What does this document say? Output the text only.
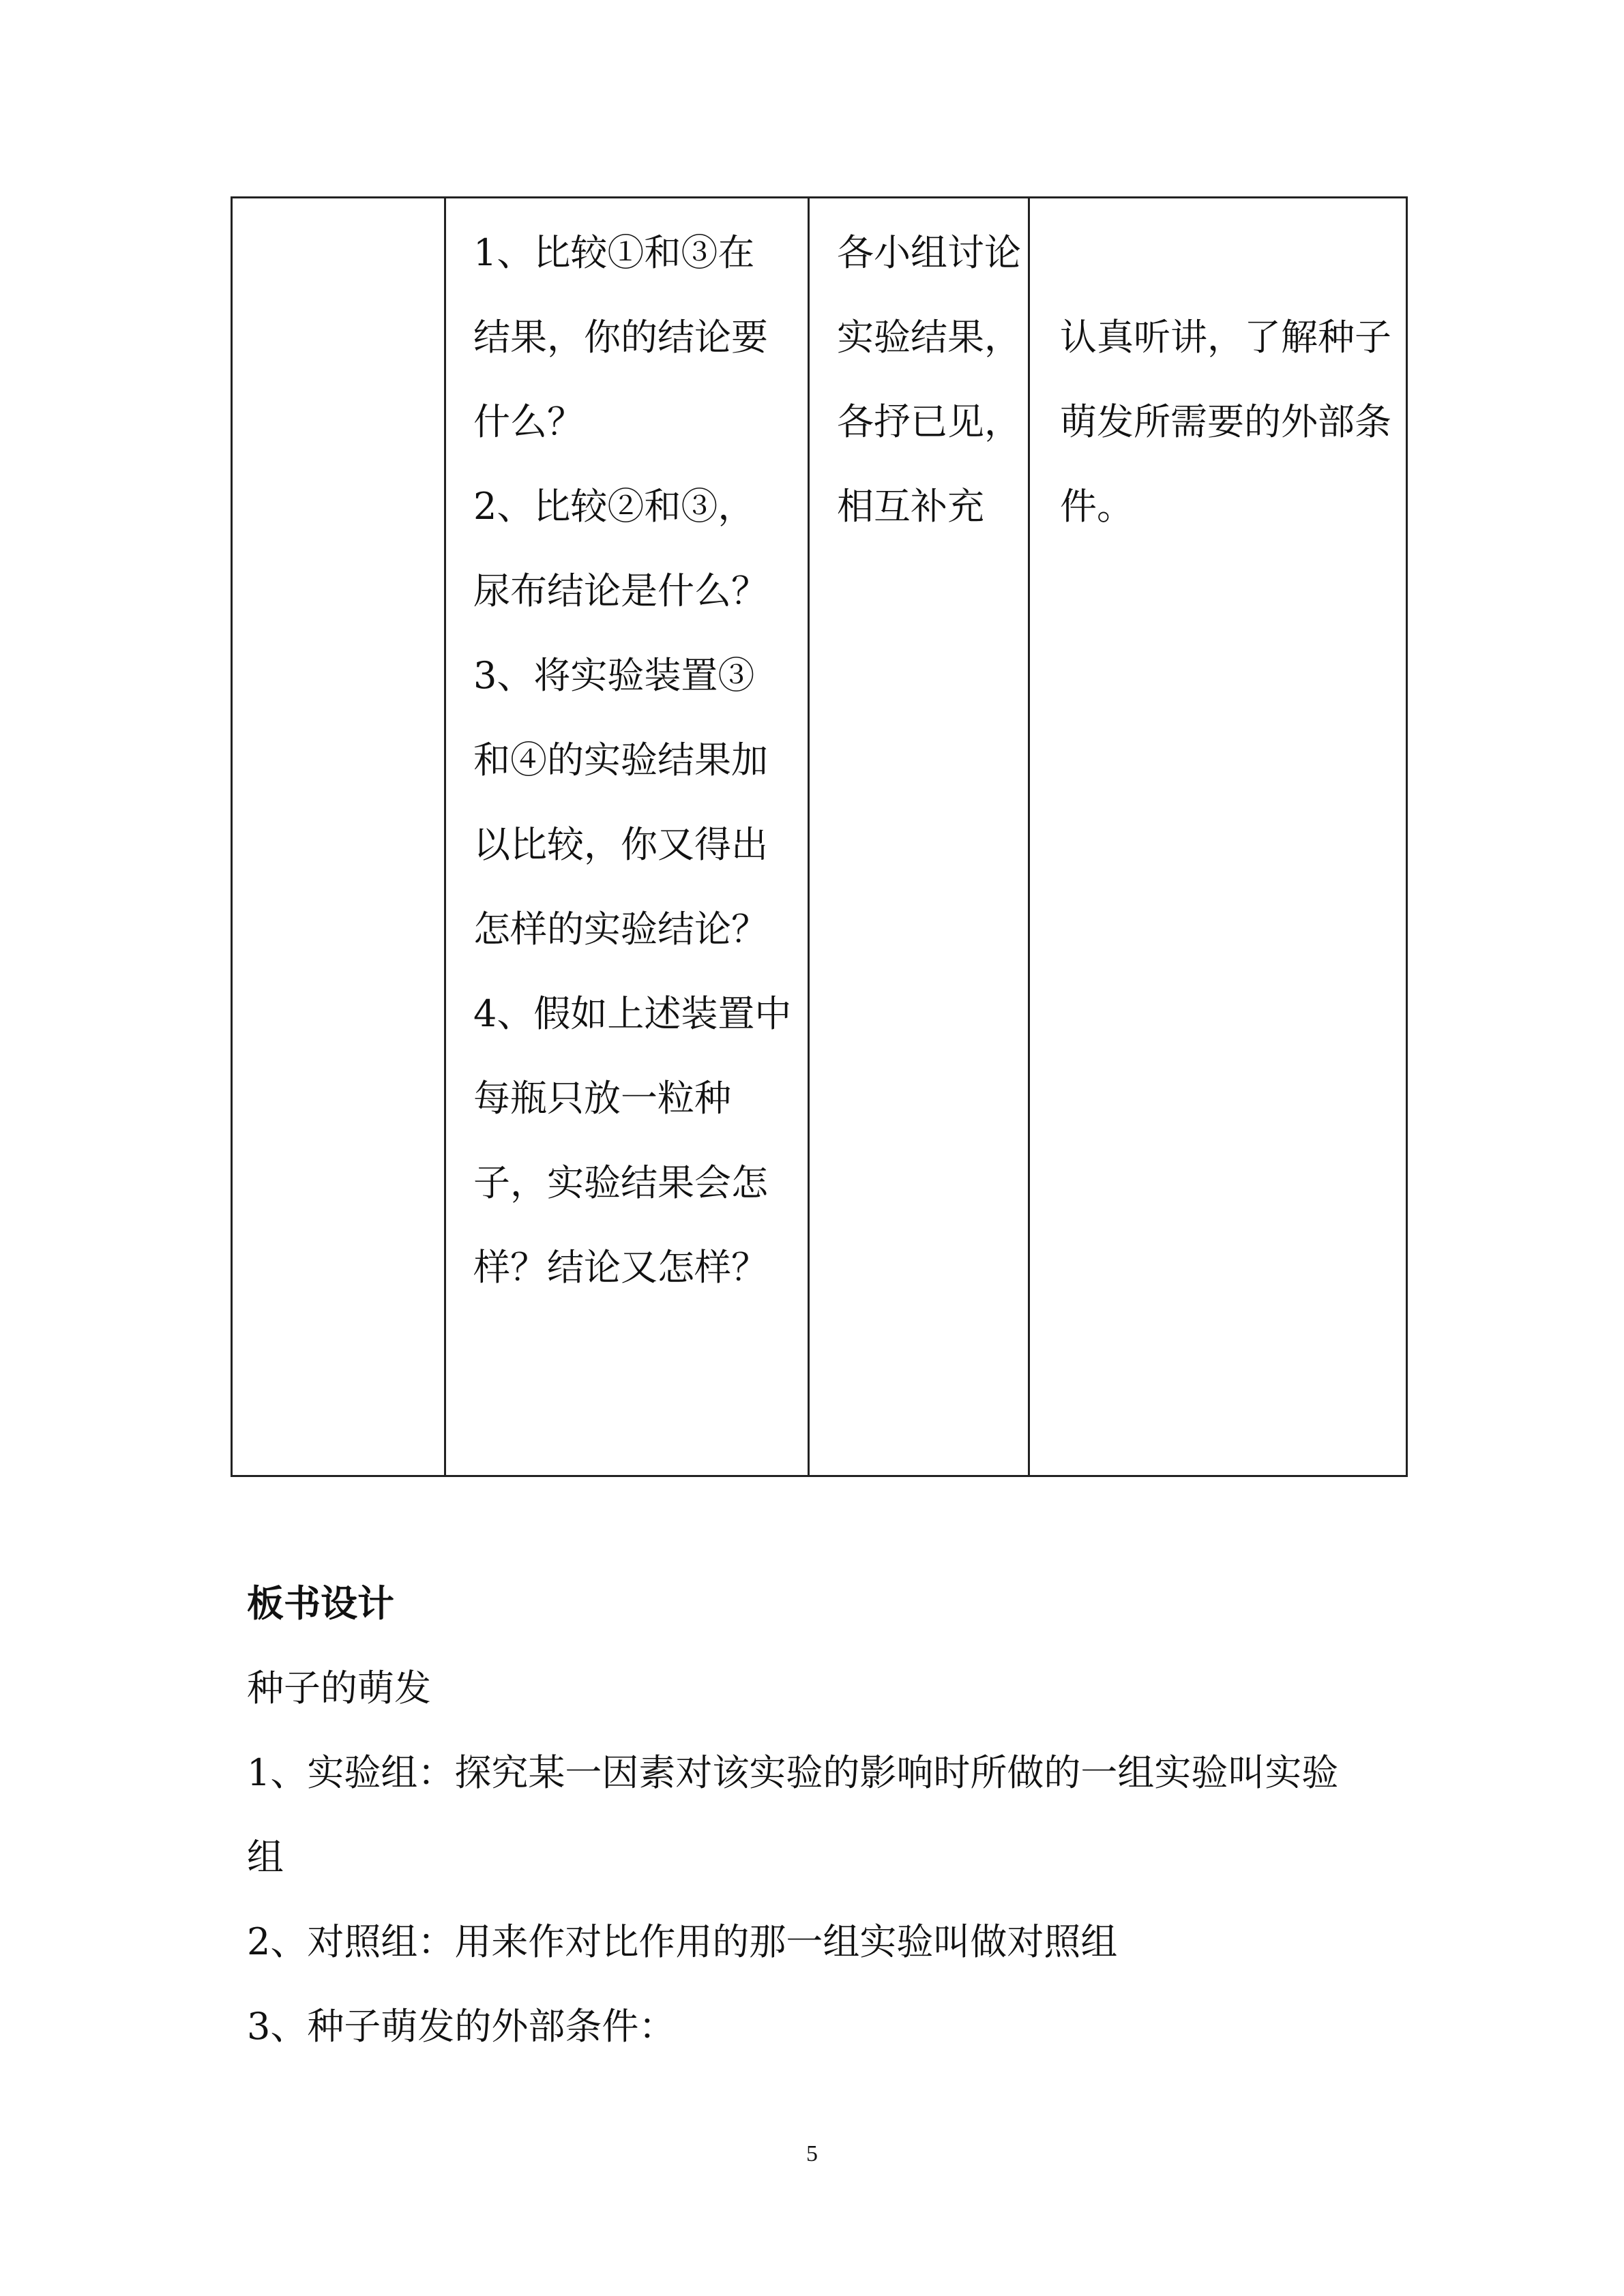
1、比较①和③在
结果，你的结论要
什么？
2、比较②和③，
尿布结论是什么？
3、将实验装置③
和④的实验结果加
以比较，你又得出
怎样的实验结论？
4、假如上述装置中
每瓶只放一粒种
子，实验结果会怎
样？结论又怎样？
各小组讨论
实验结果，
各抒已见，
相互补充
认真听讲，了解种子
萌发所需要的外部条
件。
板书设计
种子的萌发
1、实验组：探究某一因素对该实验的影响时所做的一组实验叫实验
组
2、对照组：用来作对比作用的那一组实验叫做对照组
3、种子萌发的外部条件：
5
